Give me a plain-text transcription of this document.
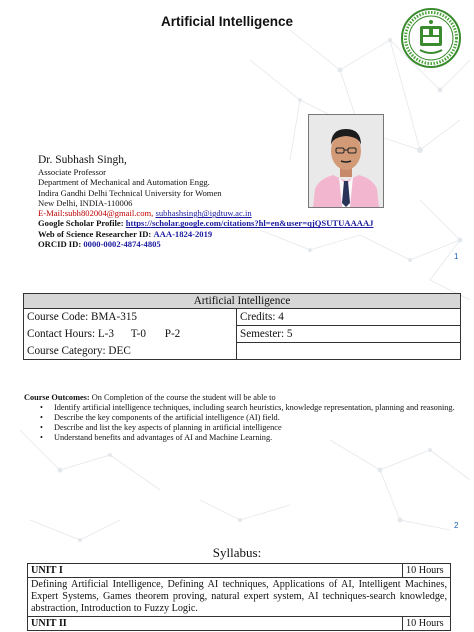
Artificial Intelligence
Dr. Subhash Singh,
Associate Professor
Department of Mechanical and Automation Engg.
Indira Gandhi Delhi Technical University for Women
New Delhi, INDIA-110006
E-Mail:subh802004@gmail.com, subhashsingh@igdtuw.ac.in
Google Scholar Profile: https://scholar.google.com/citations?hl=en&user=qjQSUTUAAAAJ
Web of Science Researcher ID: AAA-1824-2019
ORCID ID: 0000-0002-4874-4805
1
Artificial Intelligence	
Course Code: BMA-315	Credits: 4
Contact Hours: L-3 T-0 P-2	Semester: 5
Course Category: DEC	
Course Outcomes: On Completion of the course the student will be able to
• Identify artificial intelligence techniques, including search heuristics, knowledge representation, planning and reasoning.
• Describe the key components of the artificial intelligence (AI) field.
• Describe and list the key aspects of planning in artificial intelligence
• Understand benefits and advantages of AI and Machine Learning.
2
Syllabus:
UNIT I	10 Hours
Defining Artificial Intelligence, Defining AI techniques, Applications of AI, Intelligent Machines, Expert Systems, Games theorem proving, natural expert system, AI techniques-search knowledge, abstraction, Introduction to Fuzzy Logic.	
UNIT II	10 Hours
